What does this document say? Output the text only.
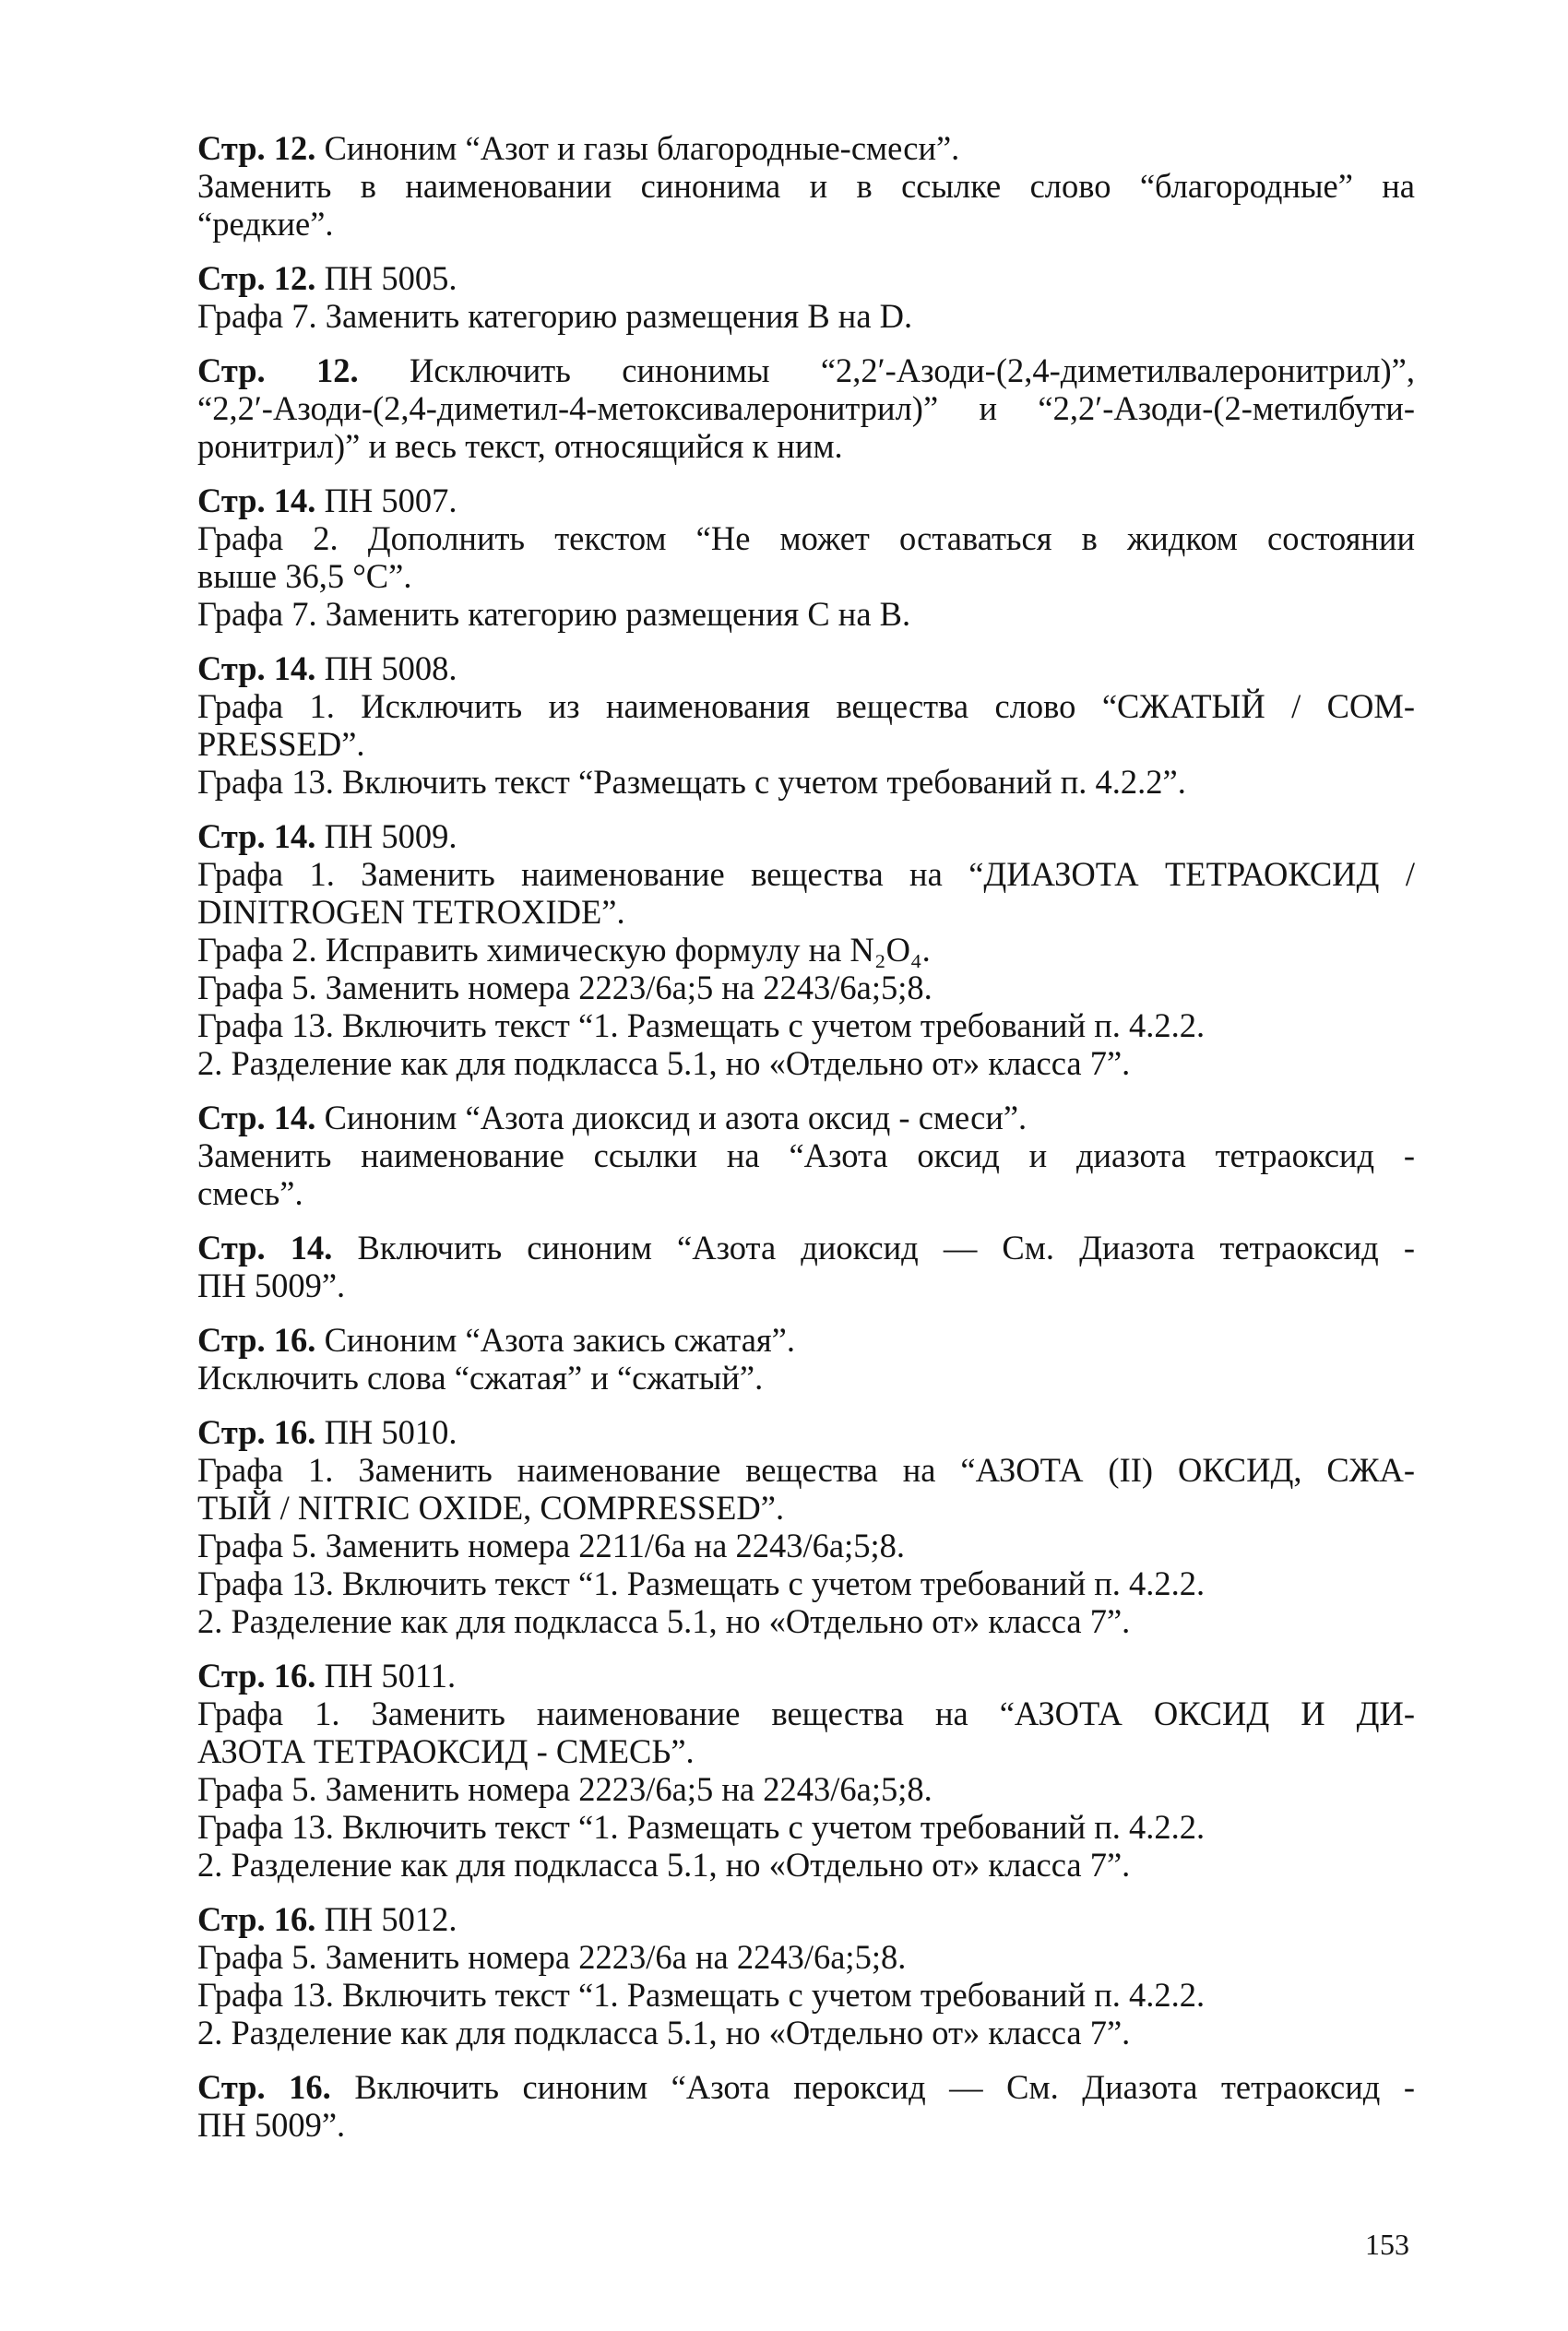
Стр. 12. Синоним “Азот и газы благородные-смеси”.
Заменить в наименовании синонима и в ссылке слово “благородные” на
“редкие”.
Стр. 12. ПН 5005.
Графа 7. Заменить категорию размещения B на D.
Стр. 12. Исключить синонимы “2,2′-Азоди-(2,4-диметилвалеронитрил)”,
“2,2′-Азоди-(2,4-диметил-4-метоксивалеронитрил)” и “2,2′-Азоди-(2-метилбути-
ронитрил)” и весь текст, относящийся к ним.
Стр. 14. ПН 5007.
Графа 2. Дополнить текстом “Не может оставаться в жидком состоянии
выше 36,5 °С”.
Графа 7. Заменить категорию размещения С на В.
Стр. 14. ПН 5008.
Графа 1. Исключить из наименования вещества слово “СЖАТЫЙ / COM-
PRESSED”.
Графа 13. Включить текст “Размещать с учетом требований п. 4.2.2”.
Стр. 14. ПН 5009.
Графа 1. Заменить наименование вещества на “ДИАЗОТА ТЕТРАОКСИД /
DINITROGEN TETROXIDE”.
Графа 2. Исправить химическую формулу на N₂O₄.
Графа 5. Заменить номера 2223/6а;5 на 2243/6а;5;8.
Графа 13. Включить текст “1. Размещать с учетом требований п. 4.2.2.
2. Разделение как для подкласса 5.1, но «Отдельно от» класса 7”.
Стр. 14. Синоним “Азота диоксид и азота оксид - смеси”.
Заменить наименование ссылки на “Азота оксид и диазота тетраоксид -
смесь”.
Стр. 14. Включить синоним “Азота диоксид — См. Диазота тетраоксид -
ПН 5009”.
Стр. 16. Синоним “Азота закись сжатая”.
Исключить слова “сжатая” и “сжатый”.
Стр. 16. ПН 5010.
Графа 1. Заменить наименование вещества на “АЗОТА (II) ОКСИД, СЖА-
ТЫЙ / NITRIC OXIDE, COMPRESSED”.
Графа 5. Заменить номера 2211/6а на 2243/6а;5;8.
Графа 13. Включить текст “1. Размещать с учетом требований п. 4.2.2.
2. Разделение как для подкласса 5.1, но «Отдельно от» класса 7”.
Стр. 16. ПН 5011.
Графа 1. Заменить наименование вещества на “АЗОТА ОКСИД И ДИ-
АЗОТА ТЕТРАОКСИД - СМЕСЬ”.
Графа 5. Заменить номера 2223/6а;5 на 2243/6а;5;8.
Графа 13. Включить текст “1. Размещать с учетом требований п. 4.2.2.
2. Разделение как для подкласса 5.1, но «Отдельно от» класса 7”.
Стр. 16. ПН 5012.
Графа 5. Заменить номера 2223/6а на 2243/6а;5;8.
Графа 13. Включить текст “1. Размещать с учетом требований п. 4.2.2.
2. Разделение как для подкласса 5.1, но «Отдельно от» класса 7”.
Стр. 16. Включить синоним “Азота пероксид — См. Диазота тетраоксид -
ПН 5009”.
153
